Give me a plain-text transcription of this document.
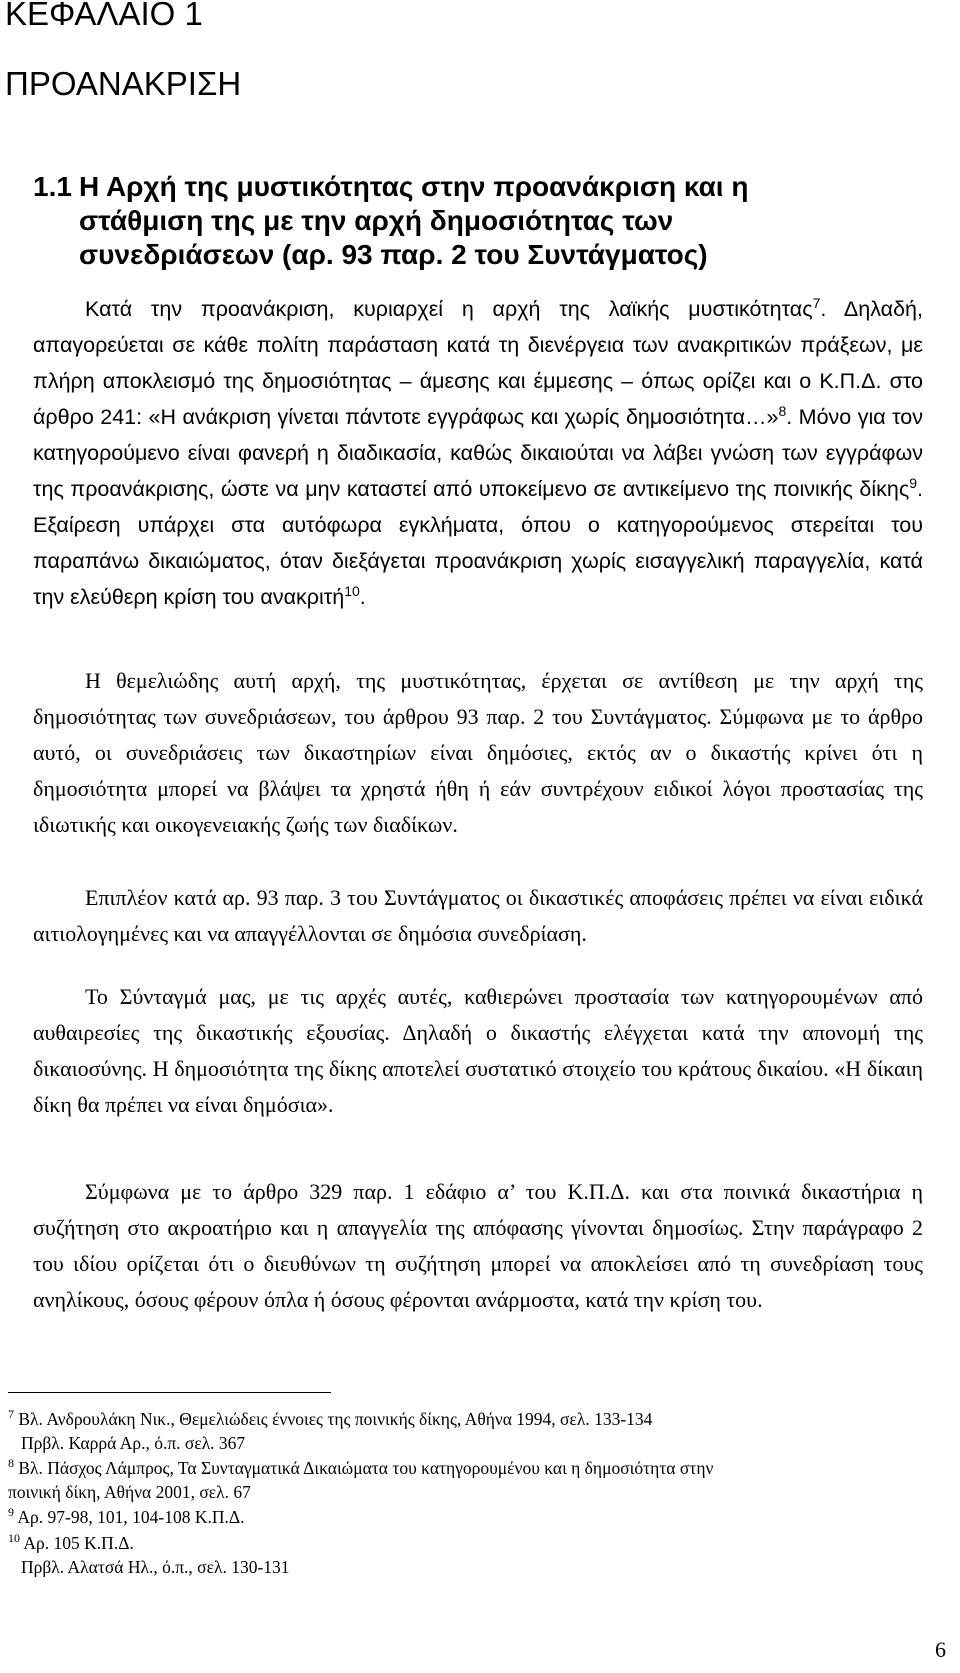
ΚΕΦΑΛΑΙΟ 1
ΠΡΟΑΝΑΚΡΙΣΗ
1.1 Η Αρχή της μυστικότητας στην προανάκριση και η
στάθμιση της με την αρχή δημοσιότητας των
συνεδριάσεων (αρ. 93 παρ. 2 του Συντάγματος)

Κατά την προανάκριση, κυριαρχεί η αρχή της λαϊκής μυστικότητας$^7$. Δηλαδή, απαγορεύεται σε κάθε πολίτη παράσταση κατά τη διενέργεια των ανακριτικών πράξεων, με πλήρη αποκλεισμό της δημοσιότητας – άμεσης και έμμεσης – όπως ορίζει και ο Κ.Π.Δ. στο άρθρο 241: «Η ανάκριση γίνεται πάντοτε εγγράφως και χωρίς δημοσιότητα…»$^8$. Μόνο για τον κατηγορούμενο είναι φανερή η διαδικασία, καθώς δικαιούται να λάβει γνώση των εγγράφων της προανάκρισης, ώστε να μην καταστεί από υποκείμενο σε αντικείμενο της ποινικής δίκης$^9$. Εξαίρεση υπάρχει στα αυτόφωρα εγκλήματα, όπου ο κατηγορούμενος στερείται του παραπάνω δικαιώματος, όταν διεξάγεται προανάκριση χωρίς εισαγγελική παραγγελία, κατά την ελεύθερη κρίση του ανακριτή$^{10}$.

Η θεμελιώδης αυτή αρχή, της μυστικότητας, έρχεται σε αντίθεση με την αρχή της δημοσιότητας των συνεδριάσεων, του άρθρου 93 παρ. 2 του Συντάγματος. Σύμφωνα με το άρθρο αυτό, οι συνεδριάσεις των δικαστηρίων είναι δημόσιες, εκτός αν ο δικαστής κρίνει ότι η δημοσιότητα μπορεί να βλάψει τα χρηστά ήθη ή εάν συντρέχουν ειδικοί λόγοι προστασίας της ιδιωτικής και οικογενειακής ζωής των διαδίκων.

Επιπλέον κατά αρ. 93 παρ. 3 του Συντάγματος οι δικαστικές αποφάσεις πρέπει να είναι ειδικά αιτιολογημένες και να απαγγέλλονται σε δημόσια συνεδρίαση.

Το Σύνταγμά μας, με τις αρχές αυτές, καθιερώνει προστασία των κατηγορουμένων από αυθαιρεσίες της δικαστικής εξουσίας. Δηλαδή ο δικαστής ελέγχεται κατά την απονομή της δικαιοσύνης. Η δημοσιότητα της δίκης αποτελεί συστατικό στοιχείο του κράτους δικαίου. «Η δίκαιη δίκη θα πρέπει να είναι δημόσια».

Σύμφωνα με το άρθρο 329 παρ. 1 εδάφιο α’ του Κ.Π.Δ. και στα ποινικά δικαστήρια η συζήτηση στο ακροατήριο και η απαγγελία της απόφασης γίνονται δημοσίως. Στην παράγραφο 2 του ιδίου ορίζεται ότι ο διευθύνων τη συζήτηση μπορεί να αποκλείσει από τη συνεδρίαση τους ανηλίκους, όσους φέρουν όπλα ή όσους φέρονται ανάρμοστα, κατά την κρίση του.

$^7$ Βλ. Ανδρουλάκη Νικ., Θεμελιώδεις έννοιες της ποινικής δίκης, Αθήνα 1994, σελ. 133-134
Πρβλ. Καρρά Αρ., ό.π. σελ. 367
$^8$ Βλ. Πάσχος Λάμπρος, Τα Συνταγματικά Δικαιώματα του κατηγορουμένου και η δημοσιότητα στην
ποινική δίκη, Αθήνα 2001, σελ. 67
$^9$ Αρ. 97-98, 101, 104-108 Κ.Π.Δ.
$^{10}$ Αρ. 105 Κ.Π.Δ.
Πρβλ. Αλατσά Ηλ., ό.π., σελ. 130-131
6
